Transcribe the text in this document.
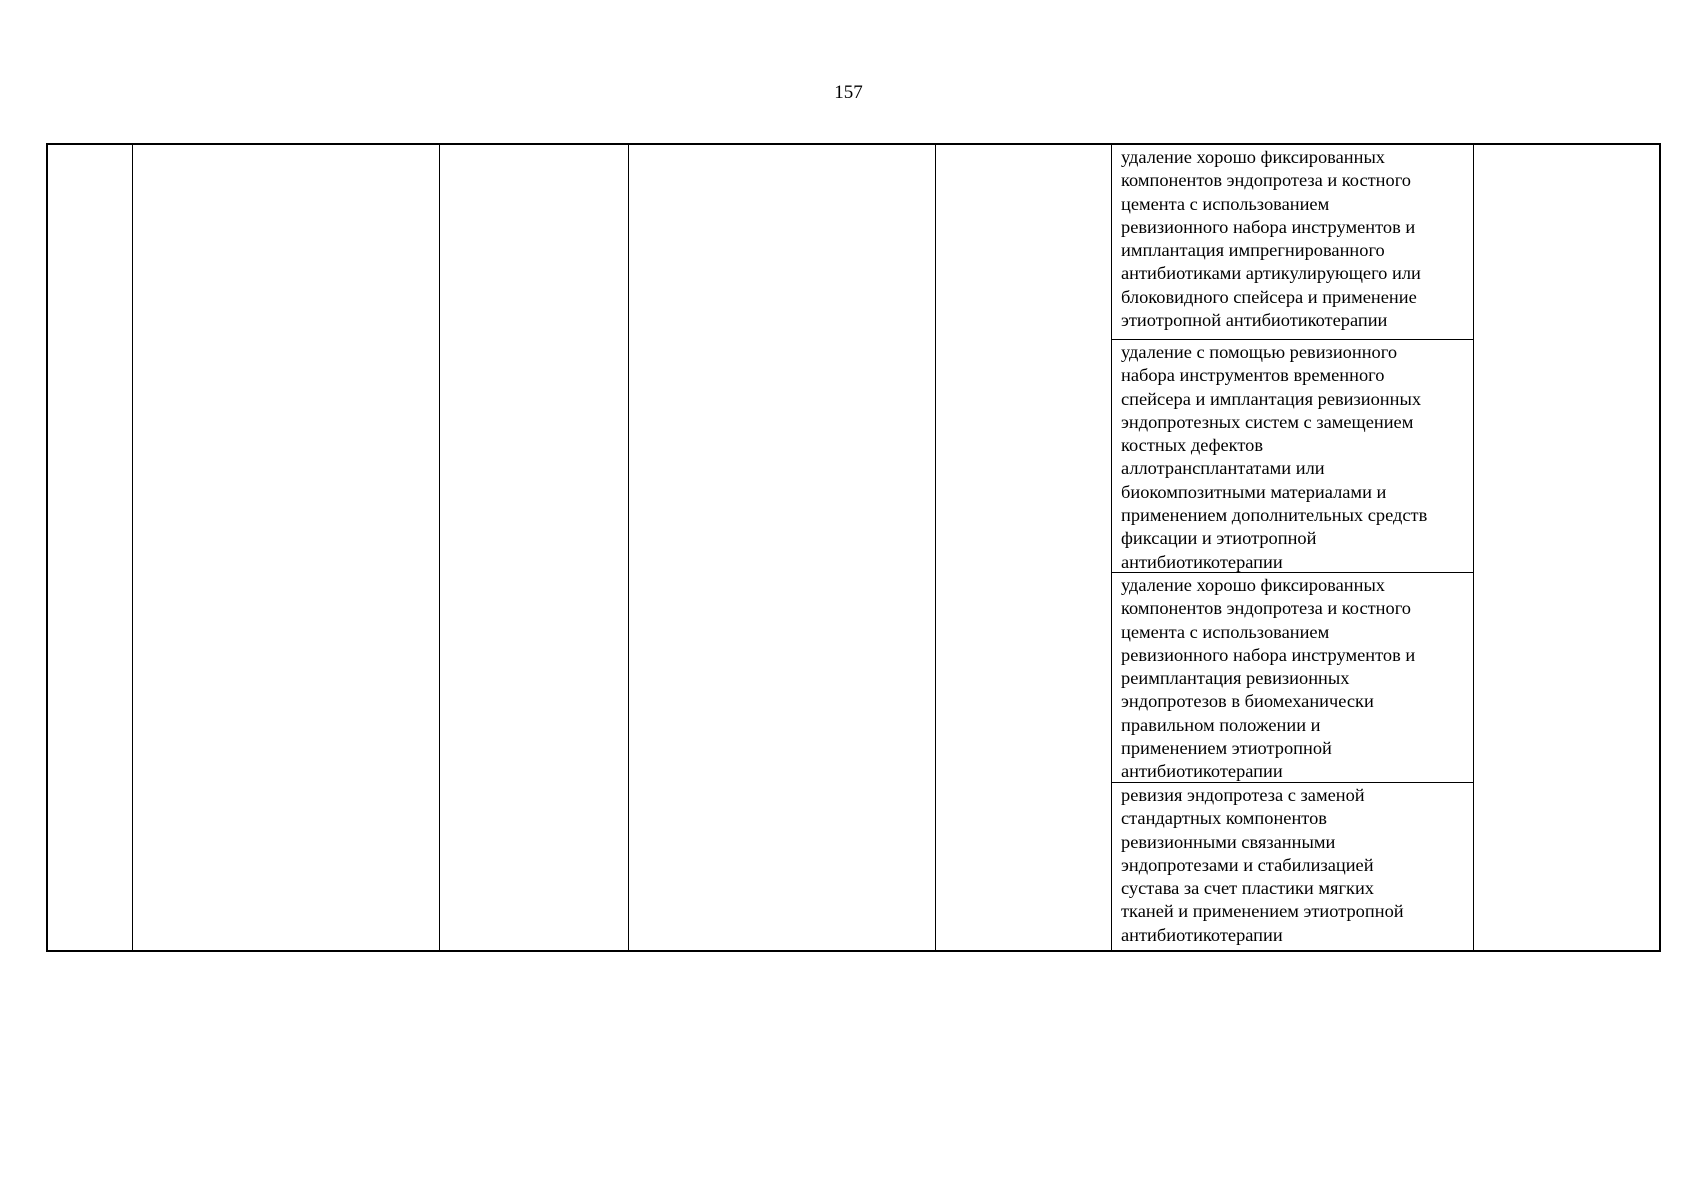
157
удаление хорошо фиксированных
компонентов эндопротеза и костного
цемента с использованием
ревизионного набора инструментов и
имплантация импрегнированного
антибиотиками артикулирующего или
блоковидного спейсера и применение
этиотропной антибиотикотерапии
удаление с помощью ревизионного
набора инструментов временного
спейсера и имплантация ревизионных
эндопротезных систем с замещением
костных дефектов
аллотрансплантатами или
биокомпозитными материалами и
применением дополнительных средств
фиксации и этиотропной
антибиотикотерапии
удаление хорошо фиксированных
компонентов эндопротеза и костного
цемента с использованием
ревизионного набора инструментов и
реимплантация ревизионных
эндопротезов в биомеханически
правильном положении и
применением этиотропной
антибиотикотерапии
ревизия эндопротеза с заменой
стандартных компонентов
ревизионными связанными
эндопротезами и стабилизацией
сустава за счет пластики мягких
тканей и применением этиотропной
антибиотикотерапии
